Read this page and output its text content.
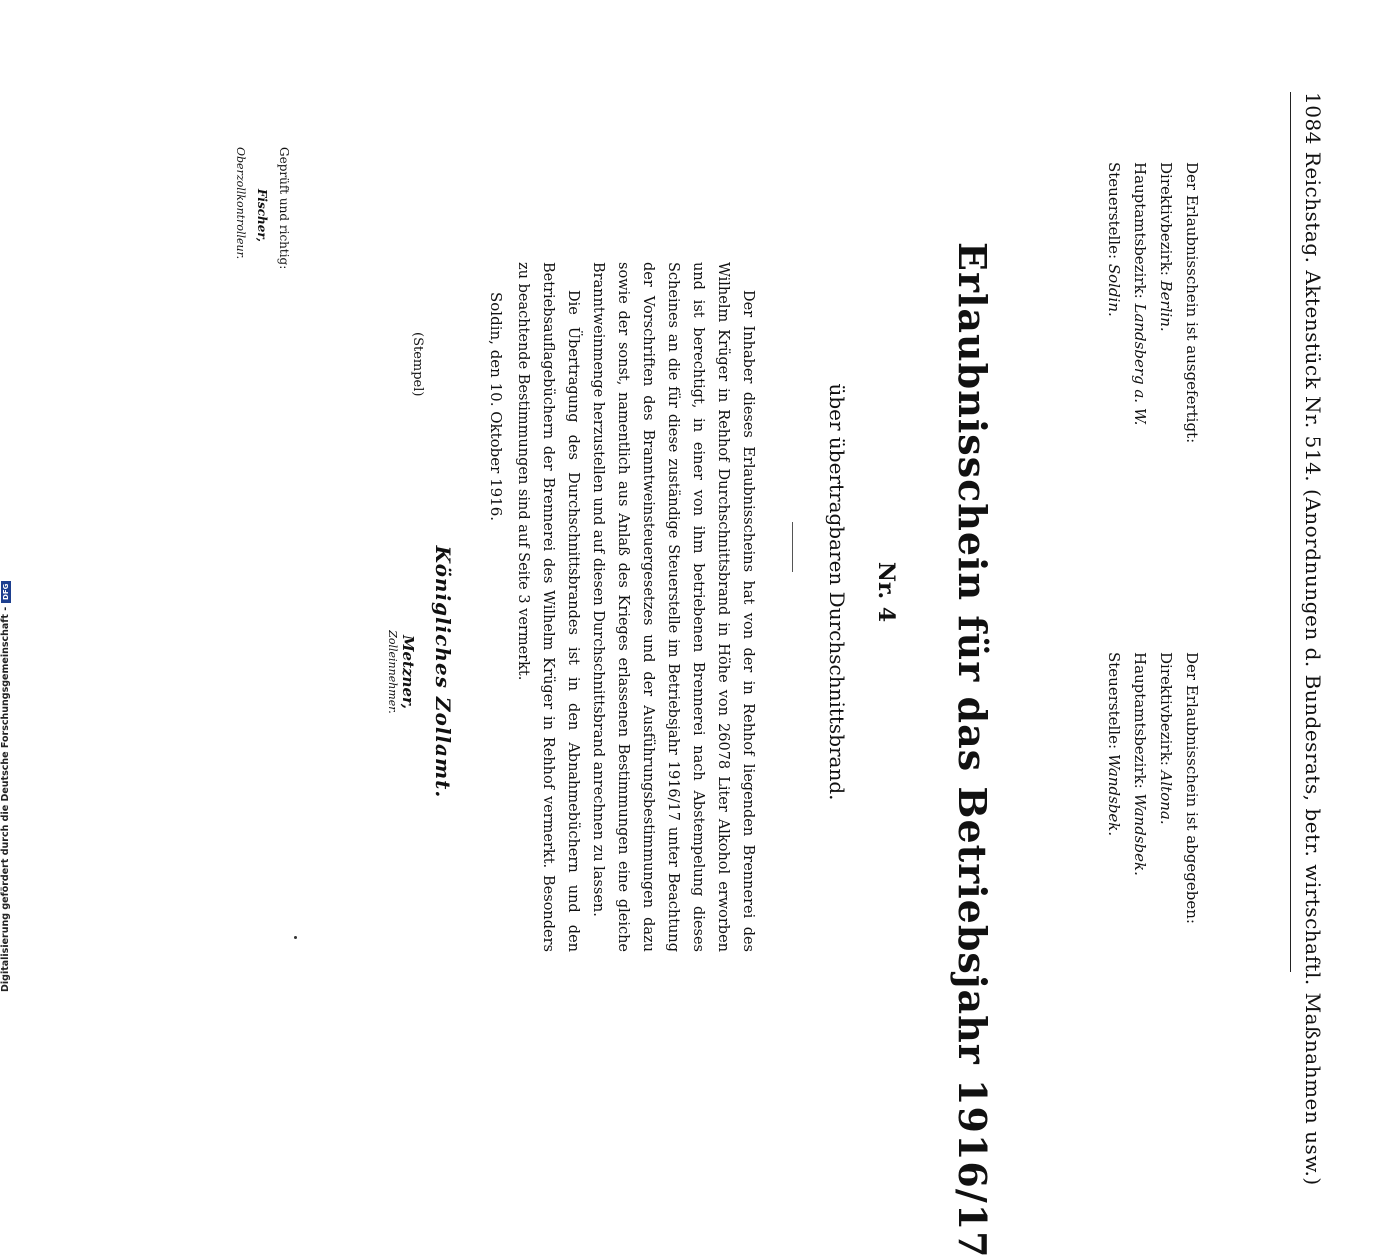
1084 Reichstag. Aktenstück Nr. 514. (Anordnungen d. Bundesrats, betr. wirtschaftl. Maßnahmen usw.)
Der Erlaubnisschein ist ausgefertigt:
Direktivbezirk: Berlin.
Hauptamtsbezirk: Landsberg a. W.
Steuerstelle: Soldin.
Der Erlaubnisschein ist abgegeben:
Direktivbezirk: Altona.
Hauptamtsbezirk: Wandsbek.
Steuerstelle: Wandsbek.
Erlaubnisschein für das Betriebsjahr 1916/17
Nr. 4
über übertragbaren Durchschnittsbrand.

Der Inhaber dieses Erlaubnisscheins hat von der in Rehhof liegenden Brennerei des Wilhelm Krüger in Rehhof Durchschnittsbrand in Höhe von 26078 Liter Alkohol erworben und ist berechtigt, in einer von ihm betriebenen Brennerei nach Abstempelung dieses Scheines an die für diese zuständige Steuerstelle im Betriebsjahr 1916/17 unter Beachtung der Vorschriften des Branntweinsteuergesetzes und der Ausführungsbestimmungen dazu sowie der sonst, namentlich aus Anlaß des Krieges erlassenen Bestimmungen eine gleiche Branntweinmenge herzustellen und auf diesen Durchschnittsbrand anrechnen zu lassen.

Die Übertragung des Durchschnittsbrandes ist in den Abnahmebüchern und den Betriebsauflagebüchern der Brennerei des Wilhelm Krüger in Rehhof vermerkt. Besonders zu beachtende Bestimmungen sind auf Seite 3 vermerkt.

Soldin, den 10. Oktober 1916.
(Stempel)
Königliches Zollamt.
Metzner,
Zolleinnehmer.
Geprüft und richtig:
Fischer,
Oberzollkontrolleur.
Digitalisierung gefördert durch die Deutsche Forschungsgemeinschaft -
DFG
